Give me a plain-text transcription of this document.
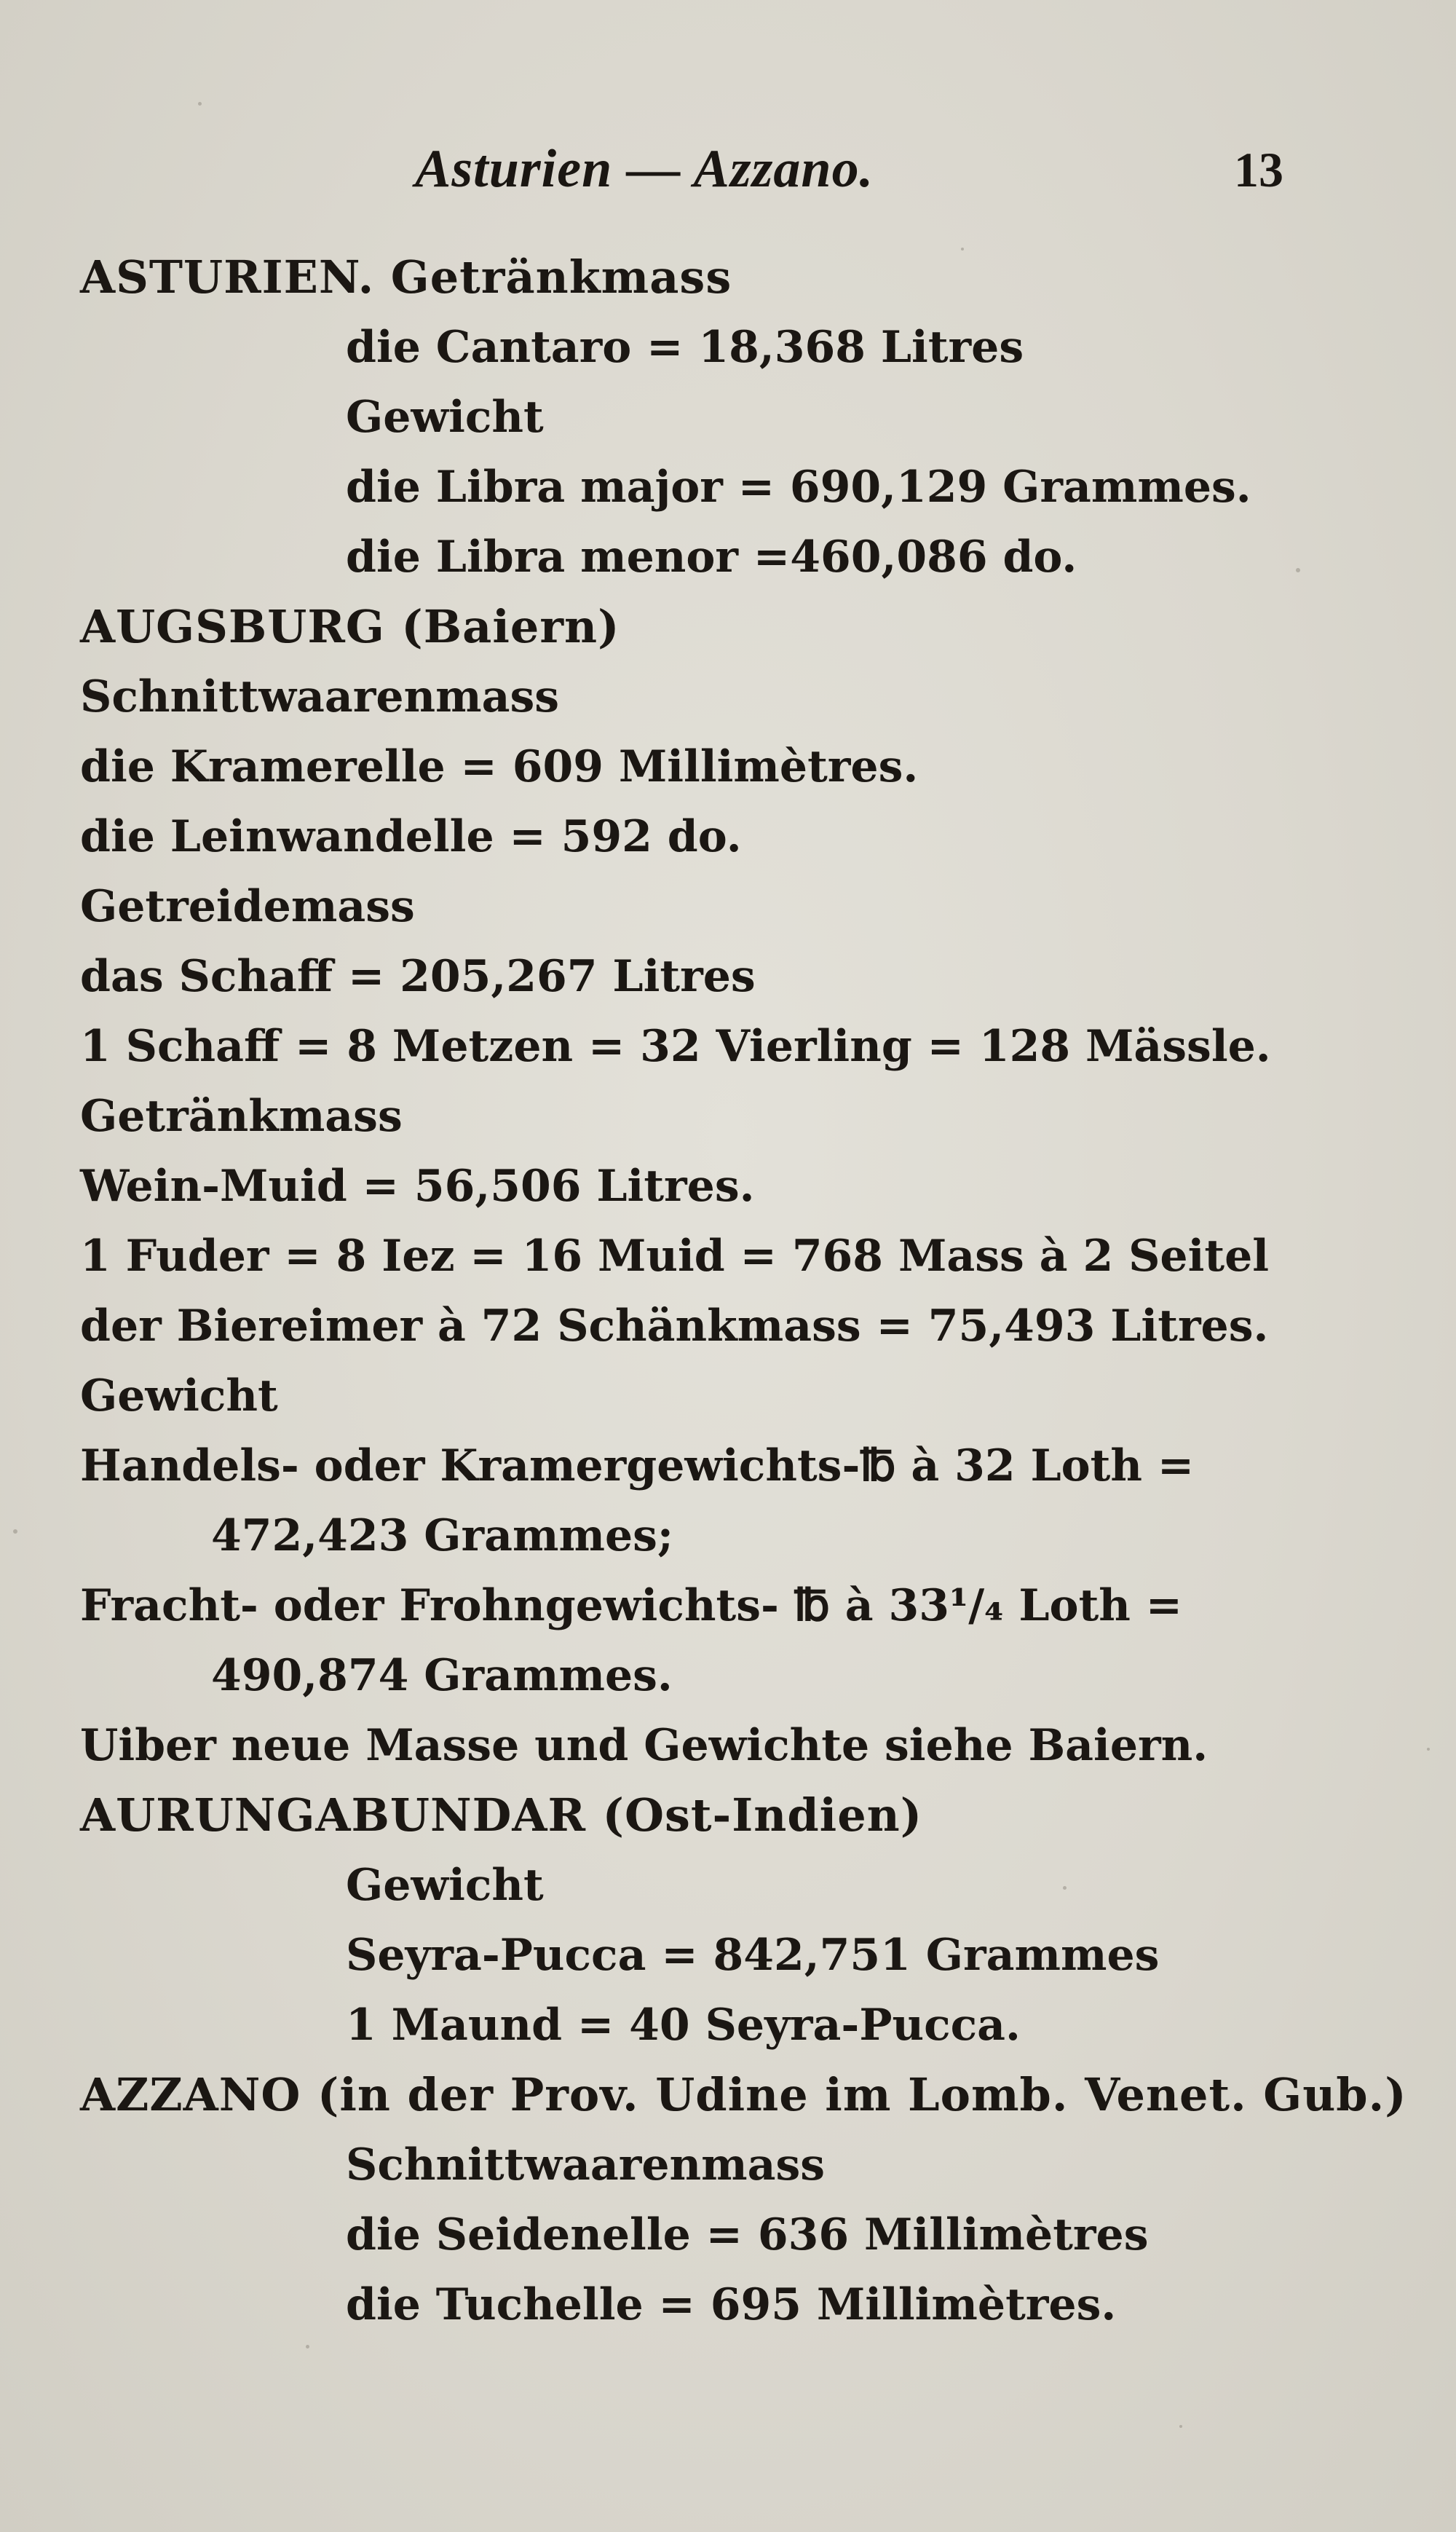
Asturien — Azzano.	13
ASTURIEN. Getränkmass
die Cantaro = 18,368 Litres
Gewicht
die Libra major = 690,129 Grammes.
die Libra menor =460,086 do.
AUGSBURG (Baiern)
Schnittwaarenmass
die Kramerelle = 609 Millimètres.
die Leinwandelle = 592 do.
Getreidemass
das Schaff = 205,267 Litres
1 Schaff = 8 Metzen = 32 Vierling = 128 Mässle.
Getränkmass
Wein-Muid = 56,506 Litres.
1 Fuder = 8 Iez = 16 Muid = 768 Mass à 2 Seitel
der Biereimer à 72 Schänkmass = 75,493 Litres.
Gewicht
Handels- oder Kramergewichts-℔ à 32 Loth =
472,423 Grammes;
Fracht- oder Frohngewichts- ℔ à 33¹/₄ Loth =
490,874 Grammes.
Uiber neue Masse und Gewichte siehe Baiern.
AURUNGABUNDAR (Ost-Indien)
Gewicht
Seyra-Pucca = 842,751 Grammes
1 Maund = 40 Seyra-Pucca.
AZZANO (in der Prov. Udine im Lomb. Venet. Gub.)
Schnittwaarenmass
die Seidenelle = 636 Millimètres
die Tuchelle = 695 Millimètres.
